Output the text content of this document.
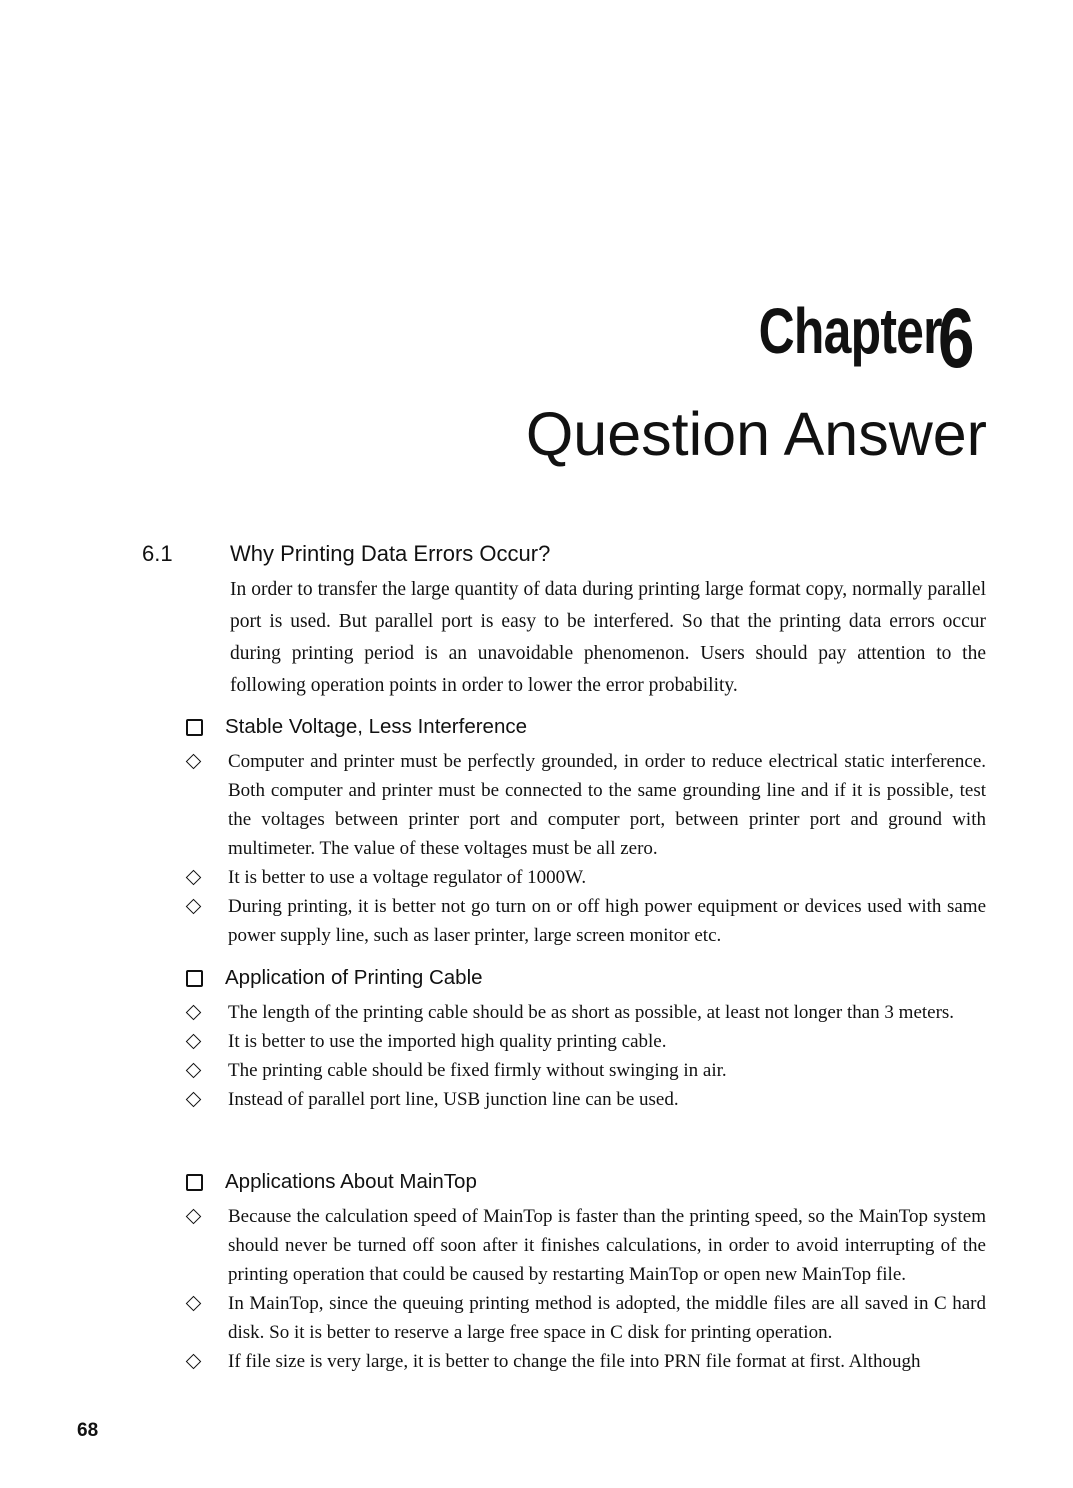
Chapter6
Question Answer
6.1	Why Printing Data Errors Occur?

In order to transfer the large quantity of data during printing large format copy, normally parallel port is used. But parallel port is easy to be interfered. So that the printing data errors occur during printing period is an unavoidable phenomenon. Users should pay attention to the following operation points in order to lower the error probability.

Stable Voltage, Less Interference
Computer and printer must be perfectly grounded, in order to reduce electrical static interference. Both computer and printer must be connected to the same grounding line and if it is possible, test the voltages between printer port and computer port, between printer port and ground with multimeter. The value of these voltages must be all zero.
It is better to use a voltage regulator of 1000W.
During printing, it is better not go turn on or off high power equipment or devices used with same power supply line, such as laser printer, large screen monitor etc.
Application of Printing Cable
The length of the printing cable should be as short as possible, at least not longer than 3 meters.
It is better to use the imported high quality printing cable.
The printing cable should be fixed firmly without swinging in air.
Instead of parallel port line, USB junction line can be used.
Applications About MainTop
Because the calculation speed of MainTop is faster than the printing speed, so the MainTop system should never be turned off soon after it finishes calculations, in order to avoid interrupting of the printing operation that could be caused by restarting MainTop or open new MainTop file.
In MainTop, since the queuing printing method is adopted, the middle files are all saved in C hard disk. So it is better to reserve a large free space in C disk for printing operation.
If file size is very large, it is better to change the file into PRN file format at first. Although
68
